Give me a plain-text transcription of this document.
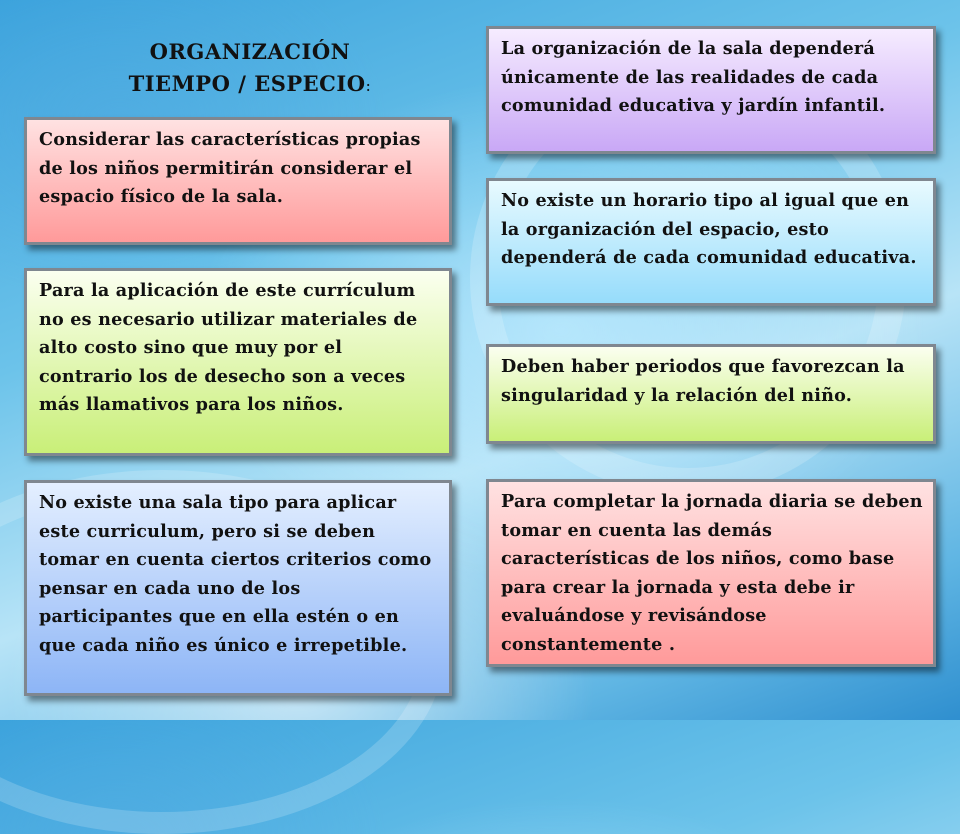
ORGANIZACIÓN
TIEMPO / ESPECIO:
Considerar las características propias de los niños permitirán considerar el espacio físico de la sala.
Para la aplicación de este currículum no es necesario utilizar materiales de alto costo sino que muy por el contrario los de desecho son a veces más llamativos para los niños.
No existe una sala tipo para aplicar este curriculum, pero si se deben tomar en cuenta ciertos criterios como pensar en cada uno de los participantes que en ella estén o en que cada niño es único e irrepetible.
La organización de la sala dependerá únicamente de las realidades de cada comunidad educativa y jardín infantil.
No existe un horario tipo al igual que en la organización del espacio, esto dependerá de cada comunidad educativa.
Deben haber periodos que favorezcan la singularidad y la relación del niño.
Para completar la jornada diaria se deben tomar en cuenta las demás características de los niños, como base para crear la jornada y esta debe ir evaluándose y revisándose constantemente .
